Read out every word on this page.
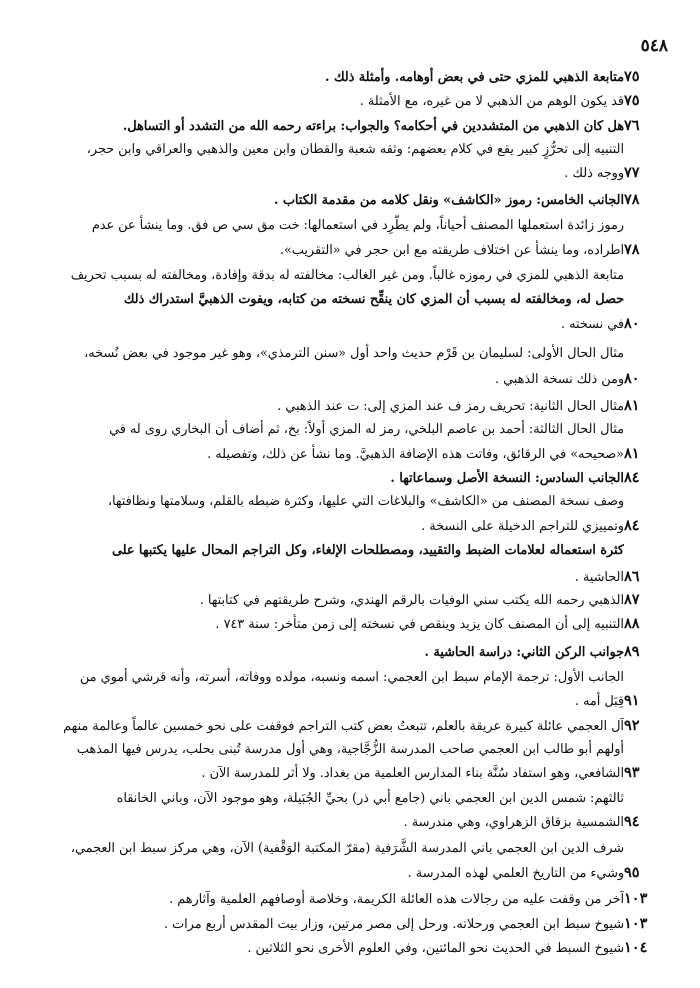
٥٤٨
متابعة الذهبي للمزي حتى في بعض أوهامه. وأمثلة ذلك . ٧٥
قد يكون الوهم من الذهبي لا من غيره، مع الأمثلة . ٧٥
هل كان الذهبي من المتشددين في أحكامه؟ والجواب: براءته رحمه الله من التشدد أو التساهل. ٧٦
التنبيه إلى تحرُّزٍ كبير يقع في كلام بعضهم: وثقه شعبة والقطان وابن معين والذهبي والعراقي وابن حجر،
ووجه ذلك . ٧٧
الجانب الخامس: رموز «الكاشف» ونقل كلامه من مقدمة الكتاب . ٧٨
رموز زائدة استعملها المصنف أحياناً، ولم يطَّرِد في استعمالها: خت مق سي ص فق. وما ينشأ عن عدم
اطراده، وما ينشأ عن اختلاف طريقته مع ابن حجر في «التقريب». ٧٨
متابعة الذهبي للمزي في رموزه غالباً. ومن غير الغالب: مخالفته له بدقة وإفادة، ومخالفته له بسبب تحريف
حصل له، ومخالفته له بسبب أن المزي كان ينقِّح نسخته من كتابه، ويفوت الذهبيَّ استدراك ذلك
في نسخته . ٨٠
مثال الحال الأولى: لسليمان بن قَرْم حديث واحد أول «سنن الترمذي»، وهو غير موجود في بعض نُسخه،
ومن ذلك نسخة الذهبي . ٨٠
مثال الحال الثانية: تحريف رمز ف عند المزي إلى: ت عند الذهبي . ٨١
مثال الحال الثالثة: أحمد بن عاصم البلخي، رمز له المزي أولاً: بخ، ثم أضاف أن البخاري روى له في
«صحيحه» في الرقائق، وفاتت هذه الإضافة الذهبيَّ. وما نشأ عن ذلك، وتفصيله . ٨١
الجانب السادس: النسخة الأصل وسماعاتها . ٨٤
وصف نسخة المصنف من «الكاشف» والبلاغات التي عليها، وكثرة ضبطه بالقلم، وسلامتها ونظافتها،
وتمييزي للتراجم الدخيلة على النسخة . ٨٤
كثرة استعماله لعلامات الضبط والتقييد، ومصطلحات الإلغاء، وكل التراجم المحال عليها يكتبها على
الحاشية . ٨٦
الذهبي رحمه الله يكتب سني الوفيات بالرقم الهندي، وشرح طريقتهم في كتابتها . ٨٧
التنبيه إلى أن المصنف كان يزيد وينقص في نسخته إلى زمن متأخر: سنة ٧٤٣ . ٨٨
جوانب الركن الثاني: دراسة الحاشية . ٨٩
الجانب الأول: ترجمة الإمام سبط ابن العجمي: اسمه ونسبه، مولده ووفاته، أسرته، وأنه قرشي أموي من
قِبَل أمه . ٩١
آل العجمي عائلة كبيرة عريقة بالعلم، تتبعتُ بعض كتب التراجم فوقفت على نحو خمسين عالماً وعالمة منهم ٩٢
أولهم أبو طالب ابن العجمي صاحب المدرسة الزُّجَّاجية، وهي أول مدرسة تُبنى بحلب، يدرس فيها المذهب
الشافعي، وهو استفاد سُنَّة بناء المدارس العلمية من بغداد. ولا أثر للمدرسة الآن . ٩٣
ثالثهم: شمس الدين ابن العجمي باني (جامع أبي ذر) بحيِّ الجُبَيلة، وهو موجود الآن، وباني الخانقاه
الشمسية بزقاق الزهراوي، وهي مندرسة . ٩٤
شرف الدين ابن العجمي باني المدرسة الشَّرَفية (مقرّ المكتبة الوَقْفية) الآن، وهي مركز سبط ابن العجمي،
وشيء من التاريخ العلمي لهذه المدرسة . ٩٥
آخر من وقفت عليه من رجالات هذه العائلة الكريمة، وخلاصة أوصافهم العلمية وآثارهم . ١٠٣
شيوخ سبط ابن العجمي ورحلاته. ورحل إلى مصر مرتين، وزار بيت المقدس أربع مرات . ١٠٣
شيوخ السبط في الحديث نحو المائتين، وفي العلوم الأخرى نحو الثلاثين . ١٠٤
